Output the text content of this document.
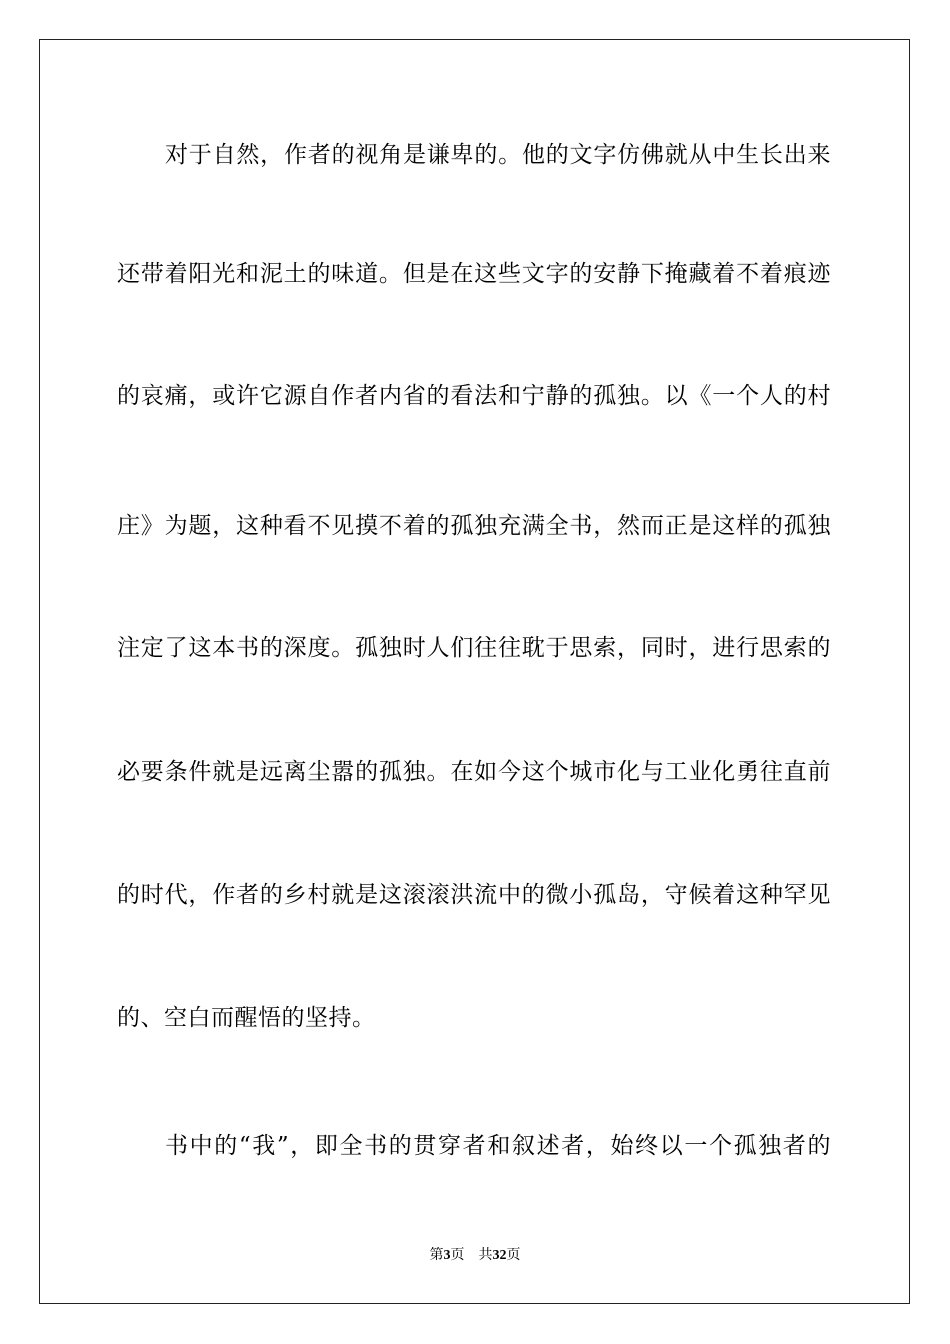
对于自然，作者的视角是谦卑的。他的文字仿佛就从中生长出来
还带着阳光和泥土的味道。但是在这些文字的安静下掩藏着不着痕迹
的哀痛，或许它源自作者内省的看法和宁静的孤独。以《一个人的村
庄》为题，这种看不见摸不着的孤独充满全书，然而正是这样的孤独
注定了这本书的深度。孤独时人们往往耽于思索，同时，进行思索的
必要条件就是远离尘嚣的孤独。在如今这个城市化与工业化勇往直前
的时代，作者的乡村就是这滚滚洪流中的微小孤岛，守候着这种罕见
的、空白而醒悟的坚持。
书中的“我”，即全书的贯穿者和叙述者，始终以一个孤独者的
第3页 共32页
